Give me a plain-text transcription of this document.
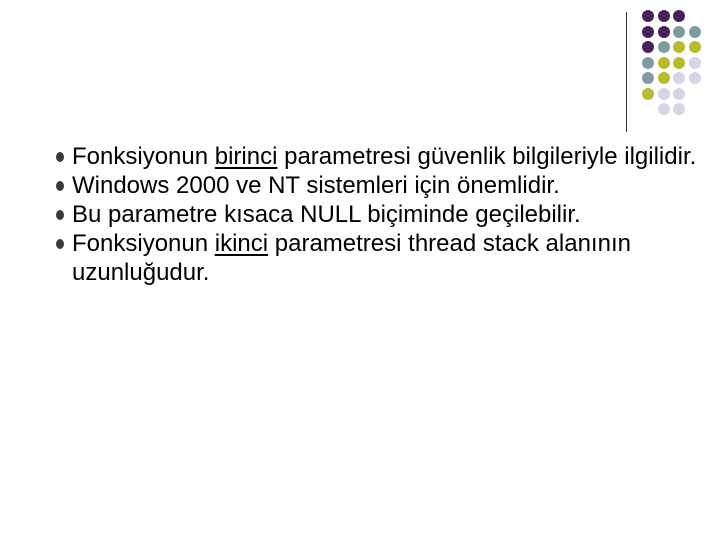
Fonksiyonun birinci parametresi güvenlik bilgileriyle ilgilidir.
Windows 2000 ve NT sistemleri için önemlidir.
Bu parametre kısaca NULL biçiminde geçilebilir.
Fonksiyonun ikinci parametresi thread stack alanının uzunluğudur.
